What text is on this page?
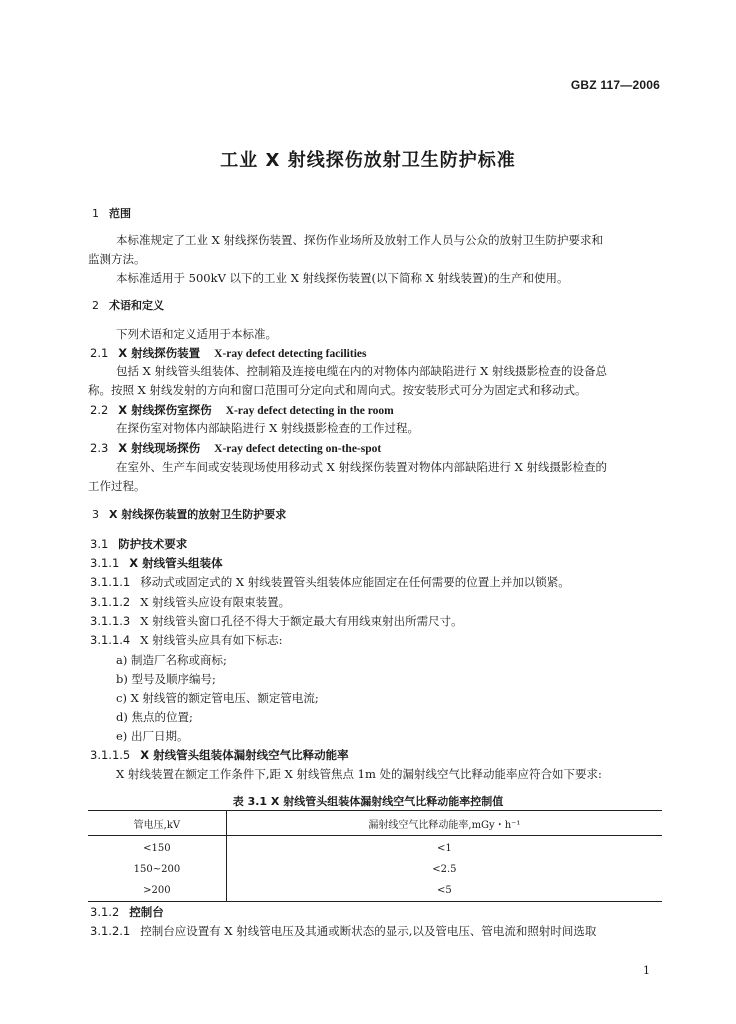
GBZ 117—2006
工业 X 射线探伤放射卫生防护标准
1 范围
本标准规定了工业 X 射线探伤装置、探伤作业场所及放射工作人员与公众的放射卫生防护要求和
监测方法。
本标准适用于 500kV 以下的工业 X 射线探伤装置(以下简称 X 射线装置)的生产和使用。
2 术语和定义
下列术语和定义适用于本标准。
2.1 X 射线探伤装置 X-ray defect detecting facilities
包括 X 射线管头组装体、控制箱及连接电缆在内的对物体内部缺陷进行 X 射线摄影检查的设备总
称。按照 X 射线发射的方向和窗口范围可分定向式和周向式。按安装形式可分为固定式和移动式。
2.2 X 射线探伤室探伤 X-ray defect detecting in the room
在探伤室对物体内部缺陷进行 X 射线摄影检查的工作过程。
2.3 X 射线现场探伤 X-ray defect detecting on-the-spot
在室外、生产车间或安装现场使用移动式 X 射线探伤装置对物体内部缺陷进行 X 射线摄影检查的
工作过程。
3 X 射线探伤装置的放射卫生防护要求
3.1 防护技术要求
3.1.1 X 射线管头组装体
3.1.1.1 移动式或固定式的 X 射线装置管头组装体应能固定在任何需要的位置上并加以锁紧。
3.1.1.2 X 射线管头应设有限束装置。
3.1.1.3 X 射线管头窗口孔径不得大于额定最大有用线束射出所需尺寸。
3.1.1.4 X 射线管头应具有如下标志:
a) 制造厂名称或商标;
b) 型号及顺序编号;
c) X 射线管的额定管电压、额定管电流;
d) 焦点的位置;
e) 出厂日期。
3.1.1.5 X 射线管头组装体漏射线空气比释动能率
X 射线装置在额定工作条件下,距 X 射线管焦点 1m 处的漏射线空气比释动能率应符合如下要求:
表 3.1 X 射线管头组装体漏射线空气比释动能率控制值
管电压,kV	漏射线空气比释动能率,mGy・h⁻¹
<150	<1
150~200	<2.5
>200	<5
3.1.2 控制台
3.1.2.1 控制台应设置有 X 射线管电压及其通或断状态的显示,以及管电压、管电流和照射时间选取
1
